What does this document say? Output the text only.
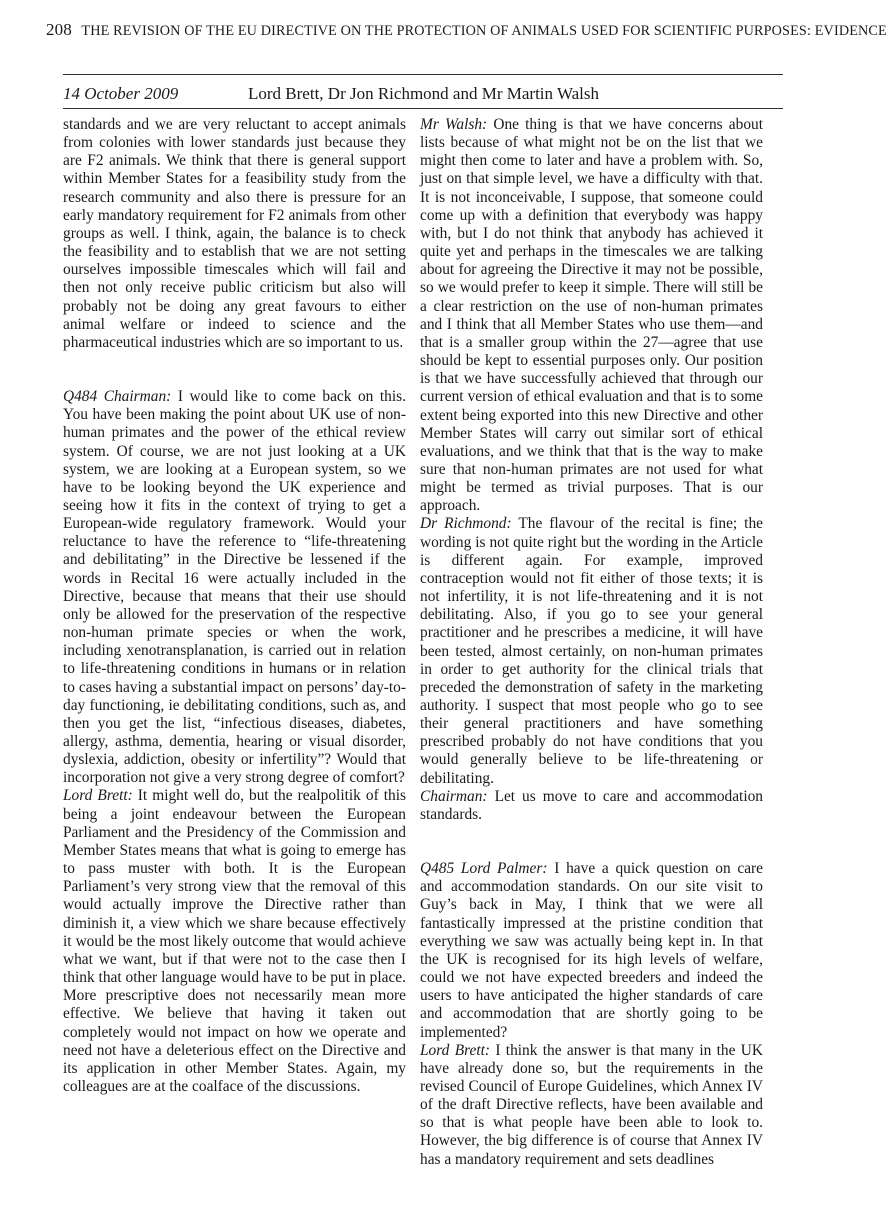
208 THE REVISION OF THE EU DIRECTIVE ON THE PROTECTION OF ANIMALS USED FOR SCIENTIFIC PURPOSES: EVIDENCE
14 October 2009	Lord Brett, Dr Jon Richmond and Mr Martin Walsh

standards and we are very reluctant to accept animals from colonies with lower standards just because they are F2 animals. We think that there is general support within Member States for a feasibility study from the research community and also there is pressure for an early mandatory requirement for F2 animals from other groups as well. I think, again, the balance is to check the feasibility and to establish that we are not setting ourselves impossible timescales which will fail and then not only receive public criticism but also will probably not be doing any great favours to either animal welfare or indeed to science and the pharmaceutical industries which are so important to us.

Q484 Chairman: I would like to come back on this. You have been making the point about UK use of non-human primates and the power of the ethical review system. Of course, we are not just looking at a UK system, we are looking at a European system, so we have to be looking beyond the UK experience and seeing how it fits in the context of trying to get a European-wide regulatory framework. Would your reluctance to have the reference to “life-threatening and debilitating” in the Directive be lessened if the words in Recital 16 were actually included in the Directive, because that means that their use should only be allowed for the preservation of the respective non-human primate species or when the work, including xenotransplanation, is carried out in relation to life-threatening conditions in humans or in relation to cases having a substantial impact on persons’ day-to-day functioning, ie debilitating conditions, such as, and then you get the list, “infectious diseases, diabetes, allergy, asthma, dementia, hearing or visual disorder, dyslexia, addiction, obesity or infertility”? Would that incorporation not give a very strong degree of comfort?

Lord Brett: It might well do, but the realpolitik of this being a joint endeavour between the European Parliament and the Presidency of the Commission and Member States means that what is going to emerge has to pass muster with both. It is the European Parliament’s very strong view that the removal of this would actually improve the Directive rather than diminish it, a view which we share because effectively it would be the most likely outcome that would achieve what we want, but if that were not to the case then I think that other language would have to be put in place. More prescriptive does not necessarily mean more effective. We believe that having it taken out completely would not impact on how we operate and need not have a deleterious effect on the Directive and its application in other Member States. Again, my colleagues are at the coalface of the discussions.

Mr Walsh: One thing is that we have concerns about lists because of what might not be on the list that we might then come to later and have a problem with. So, just on that simple level, we have a difficulty with that. It is not inconceivable, I suppose, that someone could come up with a definition that everybody was happy with, but I do not think that anybody has achieved it quite yet and perhaps in the timescales we are talking about for agreeing the Directive it may not be possible, so we would prefer to keep it simple. There will still be a clear restriction on the use of non-human primates and I think that all Member States who use them—and that is a smaller group within the 27—agree that use should be kept to essential purposes only. Our position is that we have successfully achieved that through our current version of ethical evaluation and that is to some extent being exported into this new Directive and other Member States will carry out similar sort of ethical evaluations, and we think that that is the way to make sure that non-human primates are not used for what might be termed as trivial purposes. That is our approach.

Dr Richmond: The flavour of the recital is fine; the wording is not quite right but the wording in the Article is different again. For example, improved contraception would not fit either of those texts; it is not infertility, it is not life-threatening and it is not debilitating. Also, if you go to see your general practitioner and he prescribes a medicine, it will have been tested, almost certainly, on non-human primates in order to get authority for the clinical trials that preceded the demonstration of safety in the marketing authority. I suspect that most people who go to see their general practitioners and have something prescribed probably do not have conditions that you would generally believe to be life-threatening or debilitating.

Chairman: Let us move to care and accommodation standards.

Q485 Lord Palmer: I have a quick question on care and accommodation standards. On our site visit to Guy’s back in May, I think that we were all fantastically impressed at the pristine condition that everything we saw was actually being kept in. In that the UK is recognised for its high levels of welfare, could we not have expected breeders and indeed the users to have anticipated the higher standards of care and accommodation that are shortly going to be implemented?

Lord Brett: I think the answer is that many in the UK have already done so, but the requirements in the revised Council of Europe Guidelines, which Annex IV of the draft Directive reflects, have been available and so that is what people have been able to look to. However, the big difference is of course that Annex IV has a mandatory requirement and sets deadlines
